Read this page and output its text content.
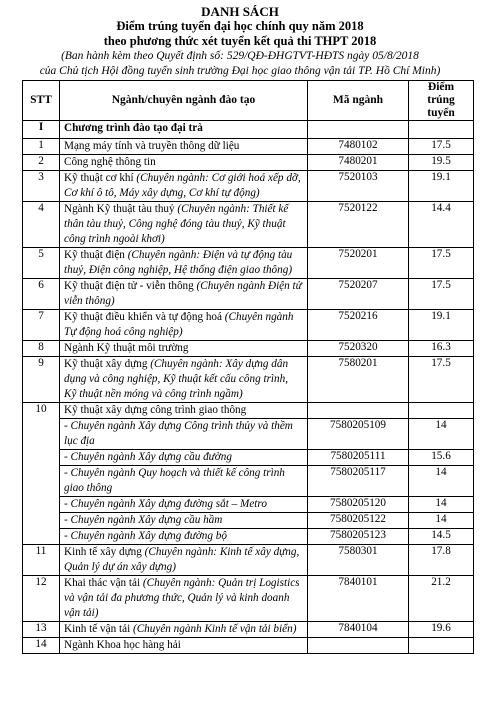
DANH SÁCH
Điểm trúng tuyển đại học chính quy năm 2018
theo phương thức xét tuyển kết quả thi THPT 2018
(Ban hành kèm theo Quyết định số: 529/QĐ-ĐHGTVT-HĐTS ngày 05/8/2018
của Chủ tịch Hội đồng tuyển sinh trường Đại học giao thông vận tải TP. Hồ Chí Minh)
STT	Ngành/chuyên ngành đào tạo	Mã ngành	Điểm trúng tuyển
I	Chương trình đào tạo đại trà		
1	Mạng máy tính và truyền thông dữ liệu	7480102	17.5
2	Công nghệ thông tin	7480201	19.5
3	Kỹ thuật cơ khí (Chuyên ngành: Cơ giới hoá xếp dỡ, Cơ khí ô tô, Máy xây dựng, Cơ khí tự động)	7520103	19.1
4	Ngành Kỹ thuật tàu thuỷ (Chuyên ngành: Thiết kế thân tàu thuỷ, Công nghệ đóng tàu thuỷ, Kỹ thuật công trình ngoài khơi)	7520122	14.4
5	Kỹ thuật điện (Chuyên ngành: Điện và tự động tàu thuỷ, Điện công nghiệp, Hệ thống điện giao thông)	7520201	17.5
6	Kỹ thuật điện tử - viễn thông (Chuyên ngành Điện tử viễn thông)	7520207	17.5
7	Kỹ thuật điều khiển và tự động hoá (Chuyên ngành Tự động hoá công nghiệp)	7520216	19.1
8	Ngành Kỹ thuật môi trường	7520320	16.3
9	Kỹ thuật xây dựng (Chuyên ngành: Xây dựng dân dụng và công nghiệp, Kỹ thuật kết cấu công trình, Kỹ thuật nền móng và công trình ngầm)	7580201	17.5
10	Kỹ thuật xây dựng công trình giao thông		
	- Chuyên ngành Xây dựng Công trình thủy và thềm lục địa	7580205109	14
	- Chuyên ngành Xây dựng cầu đường	7580205111	15.6
	- Chuyên ngành Quy hoạch và thiết kế công trình giao thông	7580205117	14
	- Chuyên ngành Xây dựng đường sắt – Metro	7580205120	14
	- Chuyên ngành Xây dựng cầu hầm	7580205122	14
	- Chuyên ngành Xây dựng đường bộ	7580205123	14.5
11	Kinh tế xây dựng (Chuyên ngành: Kinh tế xây dựng, Quản lý dự án xây dựng)	7580301	17.8
12	Khai thác vận tải (Chuyên ngành: Quản trị Logistics và vận tải đa phương thức, Quản lý và kinh doanh vận tải)	7840101	21.2
13	Kinh tế vận tải (Chuyên ngành Kinh tế vận tải biển)	7840104	19.6
14	Ngành Khoa học hàng hải		
